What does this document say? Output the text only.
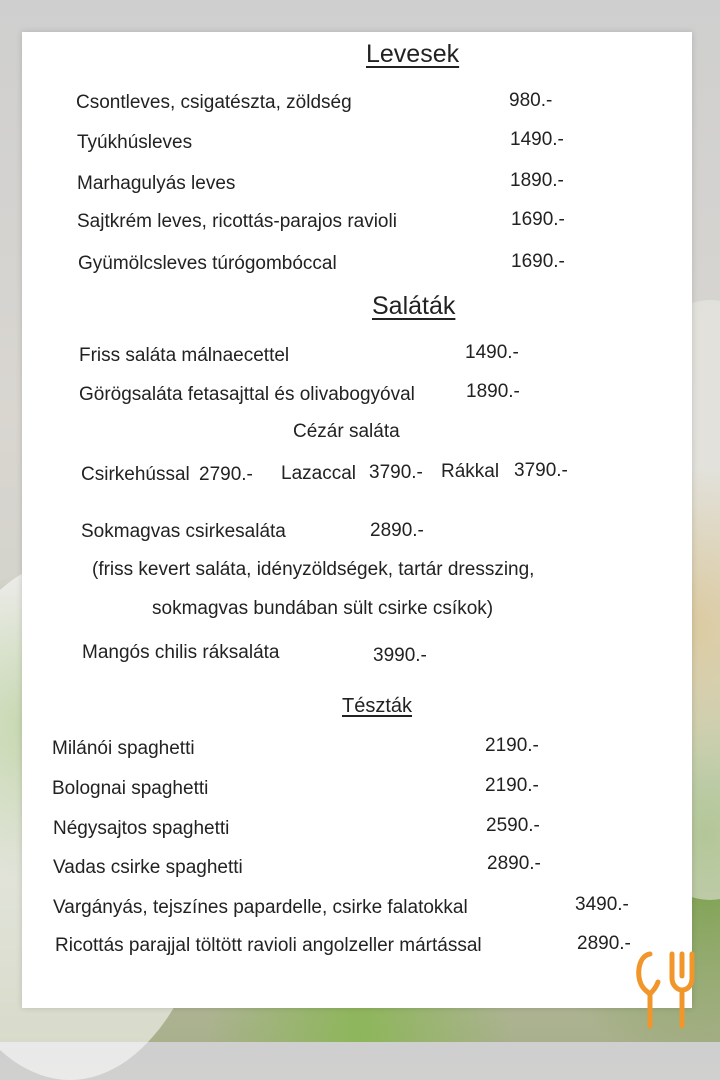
Levesek
Csontleves, csigatészta, zöldség	980.-
Tyúkhúsleves	1490.-
Marhagulyás leves	1890.-
Sajtkrém leves, ricottás-parajos ravioli	1690.-
Gyümölcsleves túrógombóccal	1690.-
Saláták
Friss saláta málnaecettel	1490.-
Görögsaláta fetasajttal és olivabogyóval	1890.-
Cézár saláta
Csirkehússal 2790.- Lazaccal 3790.- Rákkal 3790.-
Sokmagvas csirkesaláta	2890.-
(friss kevert saláta, idényzöldségek, tartár dresszing,
sokmagvas bundában sült csirke csíkok)
Mangós chilis ráksaláta	3990.-
Tészták
Milánói spaghetti	2190.-
Bolognai spaghetti	2190.-
Négysajtos spaghetti	2590.-
Vadas csirke spaghetti	2890.-
Vargányás, tejszínes papardelle, csirke falatokkal	3490.-
Ricottás parajjal töltött ravioli angolzeller mártással	2890.-
